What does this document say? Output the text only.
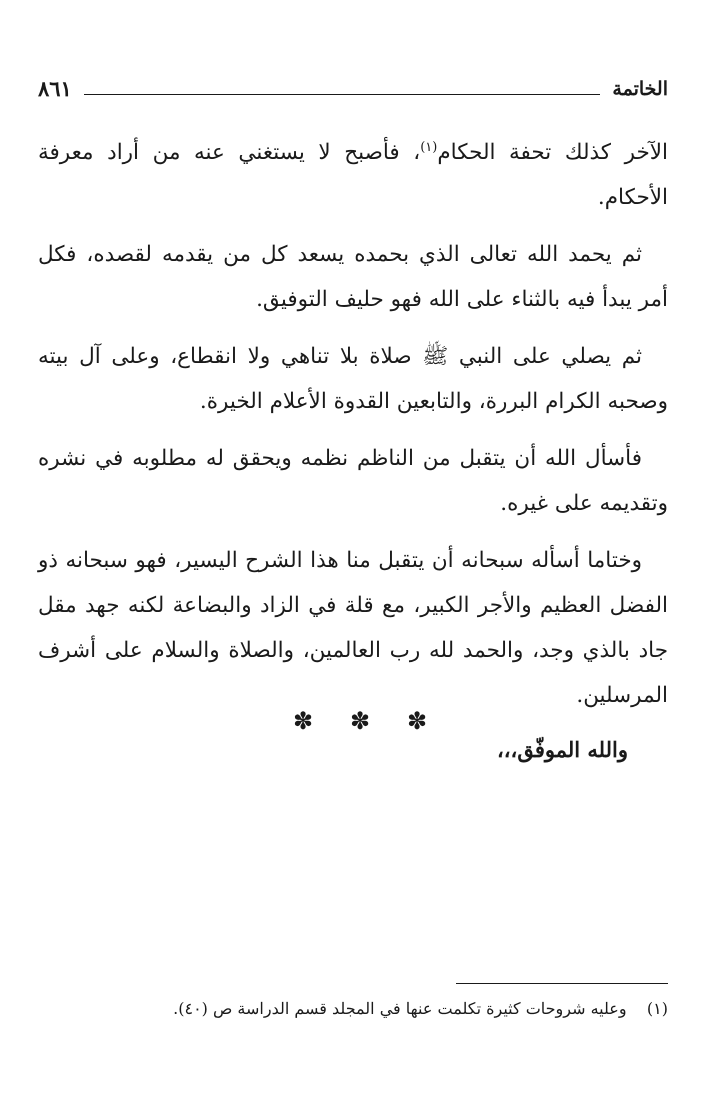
الخاتمة
٨٦١

الآخر كذلك تحفة الحكام$^{(١)}$، فأصبح لا يستغني عنه من أراد معرفة الأحكام.

ثم يحمد الله تعالى الذي بحمده يسعد كل من يقدمه لقصده، فكل أمر يبدأ فيه بالثناء على الله فهو حليف التوفيق.

ثم يصلي على النبي ﷺ صلاة بلا تناهي ولا انقطاع، وعلى آل بيته وصحبه الكرام البررة، والتابعين القدوة الأعلام الخيرة.

فأسأل الله أن يتقبل من الناظم نظمه ويحقق له مطلوبه في نشره وتقديمه على غيره.

وختاما أسأله سبحانه أن يتقبل منا هذا الشرح اليسير، فهو سبحانه ذو الفضل العظيم والأجر الكبير، مع قلة في الزاد والبضاعة لكنه جهد مقل جاد بالذي وجد، والحمد لله رب العالمين، والصلاة والسلام على أشرف المرسلين.

والله الموفّق،،،

✽ ✽ ✽
(١)    وعليه شروحات كثيرة تكلمت عنها في المجلد قسم الدراسة ص (٤٠).
